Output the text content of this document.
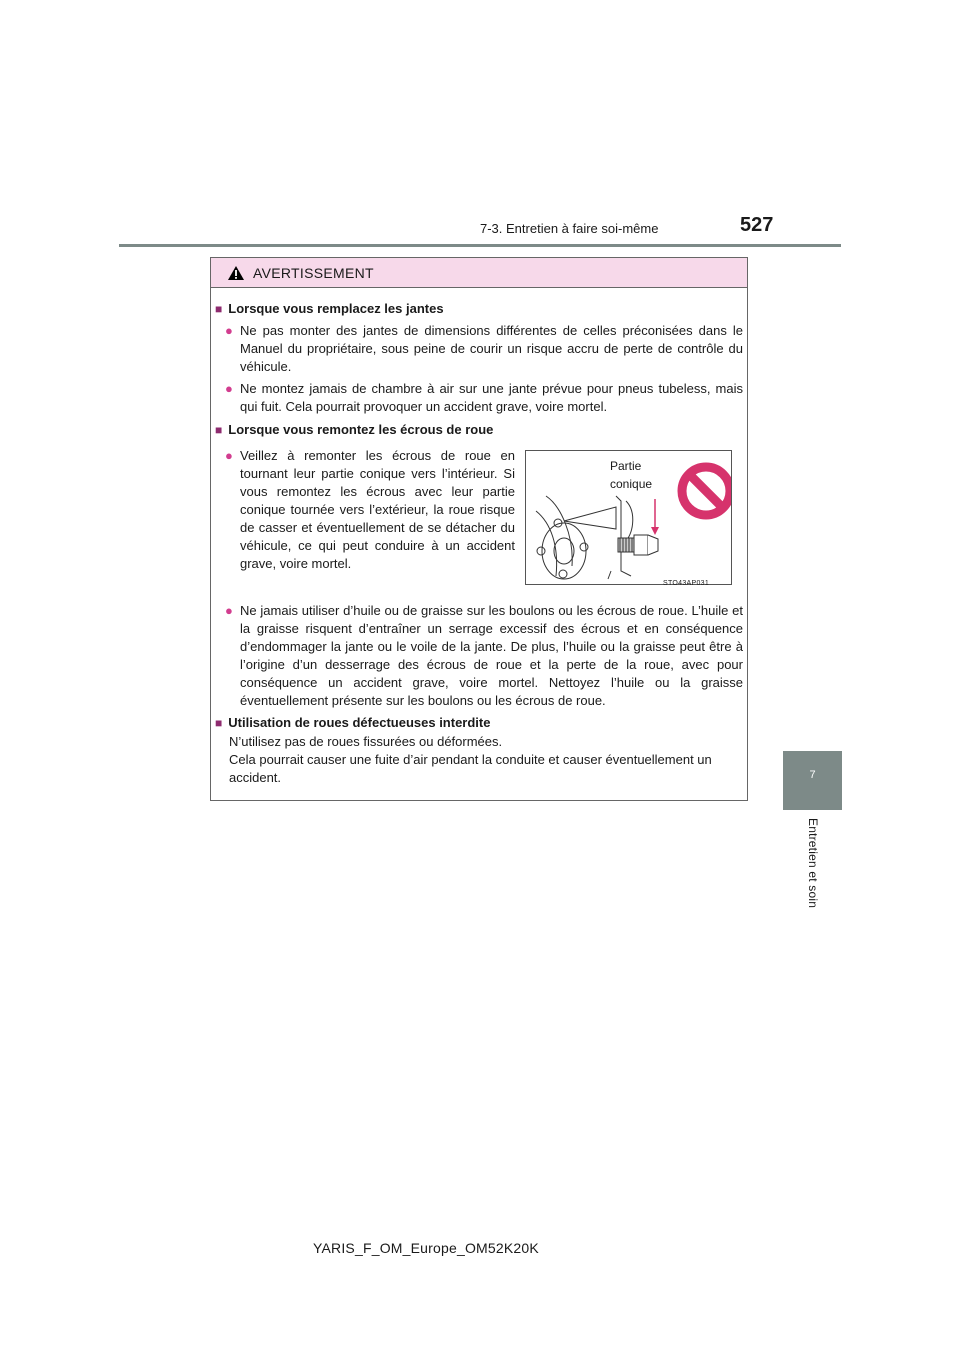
7-3. Entretien à faire soi-même	527
7
Entretien et soin
AVERTISSEMENT
■ Lorsque vous remplacez les jantes
● Ne pas monter des jantes de dimensions différentes de celles préconisées dans le Manuel du propriétaire, sous peine de courir un risque accru de perte de contrôle du véhicule.
● Ne montez jamais de chambre à air sur une jante prévue pour pneus tubeless, mais qui fuit. Cela pourrait provoquer un accident grave, voire mortel.
■ Lorsque vous remontez les écrous de roue
● Veillez à remonter les écrous de roue en tournant leur partie conique vers l’intérieur. Si vous remontez les écrous avec leur partie conique tournée vers l’extérieur, la roue risque de casser et éventuellement de se détacher du véhicule, ce qui peut conduire à un accident grave, voire mortel.
Partie
conique
STO43AP031
● Ne jamais utiliser d’huile ou de graisse sur les boulons ou les écrous de roue. L’huile et la graisse risquent d’entraîner un serrage excessif des écrous et en conséquence d’endommager la jante ou le voile de la jante. De plus, l’huile ou la graisse peut être à l’origine d’un desserrage des écrous de roue et la perte de la roue, avec pour conséquence un accident grave, voire mortel. Nettoyez l’huile ou la graisse éventuellement présente sur les boulons ou les écrous de roue.
■ Utilisation de roues défectueuses interdite
N’utilisez pas de roues fissurées ou déformées.
Cela pourrait causer une fuite d’air pendant la conduite et causer éventuellement un accident.
YARIS_F_OM_Europe_OM52K20K
